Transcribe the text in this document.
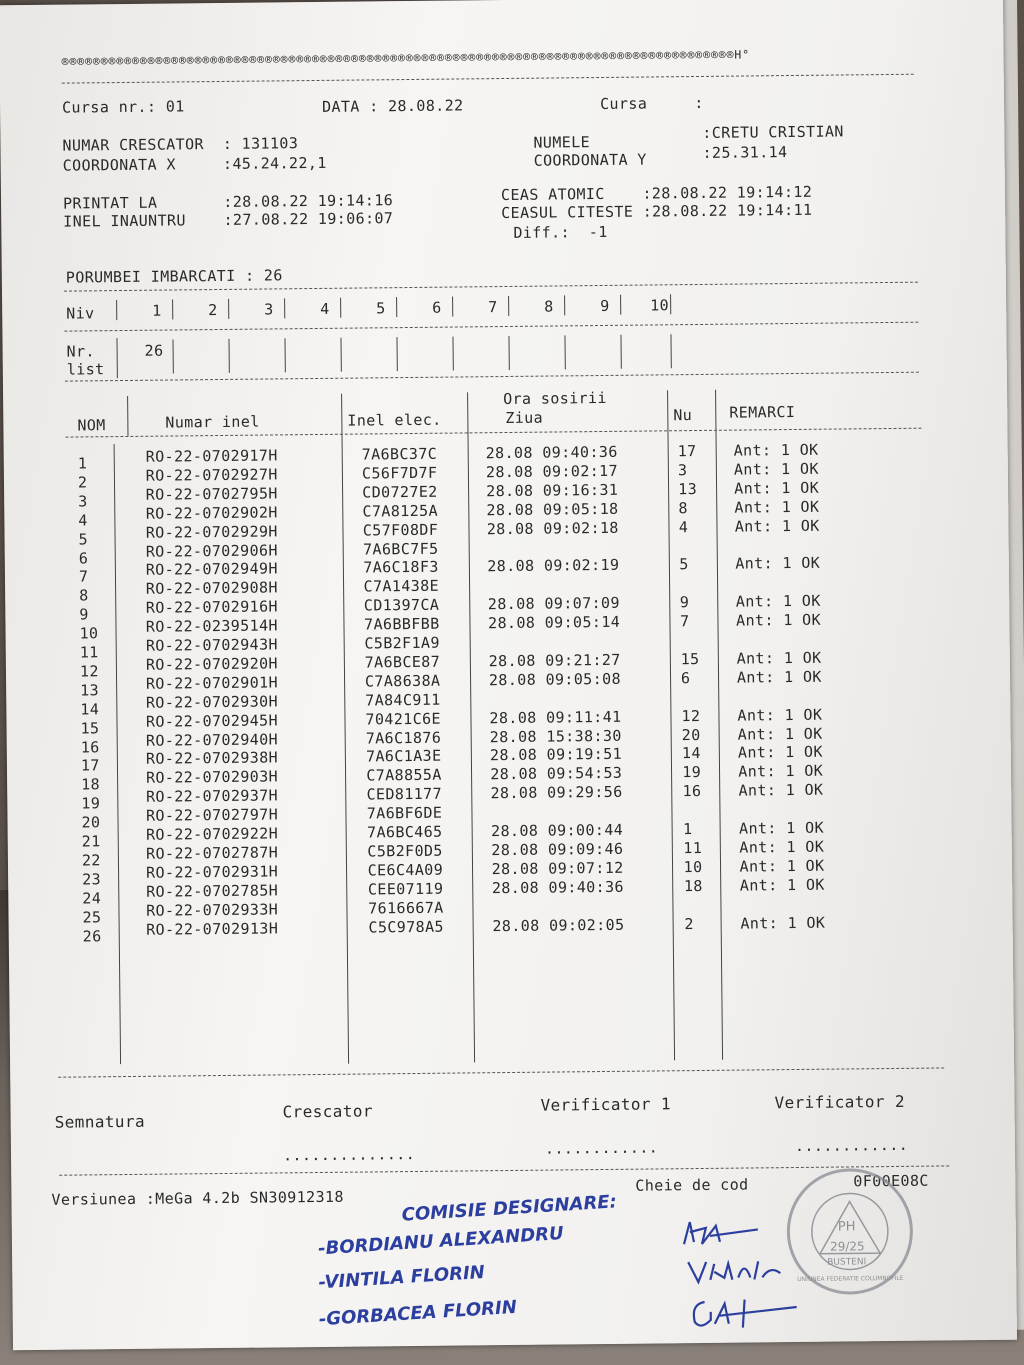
®®®®®®®®®®®®®®®®®®®®®®®®®®®®®®®®®®®®®®®®®®®®®®®®®®®®®®®®®®®®®®®®®®®®®®®®®®®®®®®®®®®®®®H°
Cursa nr.: 01	DATA : 28.08.22	Cursa     :
NUMAR CRESCATOR  : 131103
COORDONATA X     :45.24.22,1
NUMELE
:CRETU CRISTIAN
COORDONATA Y	:25.31.14
PRINTAT LA       :28.08.22 19:14:16
INEL INAUNTRU    :27.08.22 19:06:07
CEAS ATOMIC    :28.08.22 19:14:12
CEASUL CITESTE :28.08.22 19:14:11
Diff.:  -1
PORUMBEI IMBARCATI : 26
Niv	1	2	3	4	5	6	7	8	9	10
Nr.
list
26
NOM	Numar inel	Inel elec.
Ora sosirii
Ziua	Nu REMARCI
1	RO-22-0702917H	7A6BC37C	28.08 09:40:36	17 Ant: 1 OK
2	RO-22-0702927H	C56F7D7F	28.08 09:02:17	3	Ant: 1 OK
3	RO-22-0702795H	CD0727E2	28.08 09:16:31	13 Ant: 1 OK
4	RO-22-0702902H	C7A8125A	28.08 09:05:18	8	Ant: 1 OK
5	RO-22-0702929H	C57F08DF	28.08 09:02:18	4	Ant: 1 OK
6	RO-22-0702906H	7A6BC7F5
7	RO-22-0702949H	7A6C18F3	28.08 09:02:19	5	Ant: 1 OK
8	RO-22-0702908H	C7A1438E
9	RO-22-0702916H	CD1397CA	28.08 09:07:09	9	Ant: 1 OK
10	RO-22-0239514H	7A6BBFBB	28.08 09:05:14	7	Ant: 1 OK
11	RO-22-0702943H	C5B2F1A9
12	RO-22-0702920H	7A6BCE87	28.08 09:21:27	15 Ant: 1 OK
13	RO-22-0702901H	C7A8638A	28.08 09:05:08	6	Ant: 1 OK
14	RO-22-0702930H	7A84C911
15	RO-22-0702945H	70421C6E	28.08 09:11:41	12 Ant: 1 OK
16	RO-22-0702940H	7A6C1876	28.08 15:38:30	20 Ant: 1 OK
17	RO-22-0702938H	7A6C1A3E	28.08 09:19:51	14 Ant: 1 OK
18	RO-22-0702903H	C7A8855A	28.08 09:54:53	19 Ant: 1 OK
19	RO-22-0702937H	CED81177	28.08 09:29:56	16 Ant: 1 OK
20	RO-22-0702797H	7A6BF6DE
21	RO-22-0702922H	7A6BC465	28.08 09:00:44	1	Ant: 1 OK
22	RO-22-0702787H	C5B2F0D5	28.08 09:09:46	11 Ant: 1 OK
23	RO-22-0702931H	CE6C4A09	28.08 09:07:12	10 Ant: 1 OK
24	RO-22-0702785H	CEE07119	28.08 09:40:36	18 Ant: 1 OK
25	RO-22-0702933H	7616667A
26	RO-22-0702913H	C5C978A5	28.08 09:02:05	2	Ant: 1 OK
Semnatura
Crescator	Verificator 1	Verificator 2
..............	............	............
Versiunea :MeGa 4.2b SN30912318
Cheie de cod	0F00E08C
COMISIE DESIGNARE:
-BORDIANU ALEXANDRU
-VINTILA FLORIN
-GORBACEA FLORIN
PH
29/25
BUSTENI
UNIUNEA FEDERATIE COLUMBOFILE
